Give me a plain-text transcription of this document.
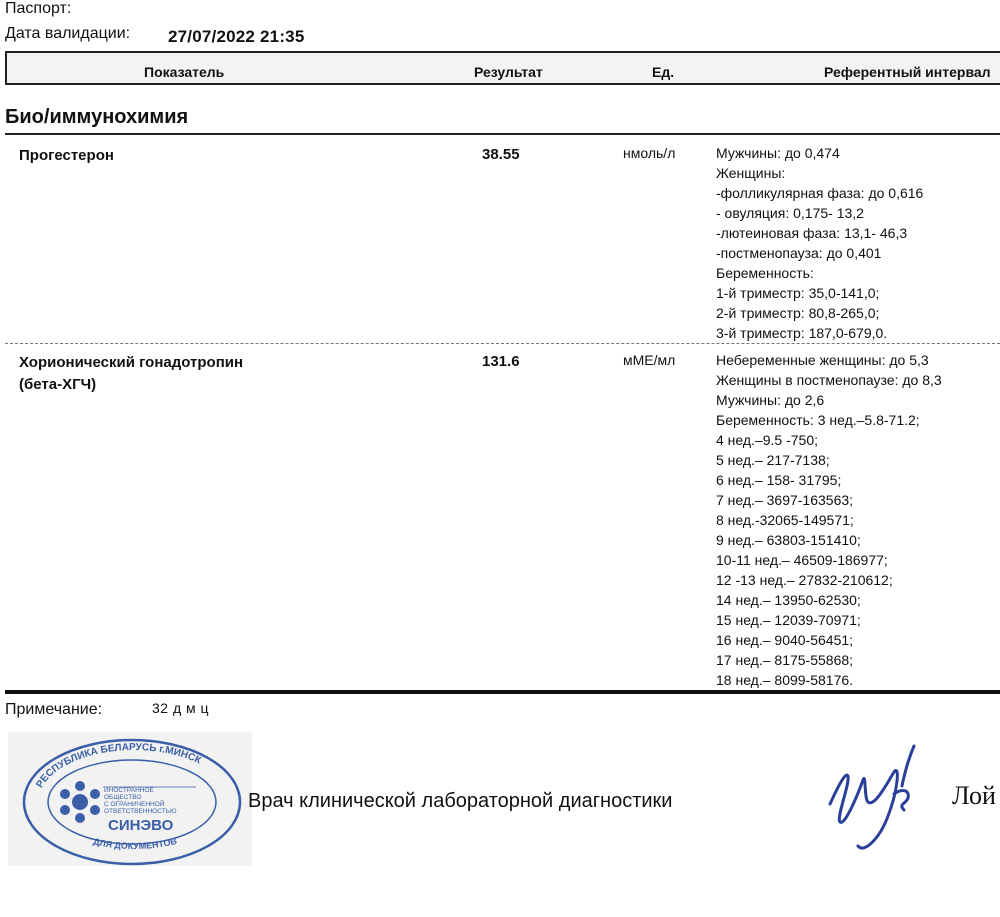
Паспорт:
Дата валидации: 27/07/2022 21:35
Показатель	Результат	Ед.	Референтный интервал
Био/иммунохимия
Прогестерон	38.55	нмоль/л	Мужчины: до 0,474
Женщины:
-фолликулярная фаза: до 0,616
- овуляция: 0,175- 13,2
-лютеиновая фаза: 13,1- 46,3
-постменопауза: до 0,401
Беременность:
1-й триместр: 35,0-141,0;
2-й триместр: 80,8-265,0;
3-й триместр: 187,0-679,0.
Хорионический гонадотропин
(бета-ХГЧ)
131.6	мМЕ/мл	Небеременные женщины: до 5,3
Женщины в постменопаузе: до 8,3
Мужчины: до 2,6
Беременность: 3 нед.–5.8-71.2;
4 нед.–9.5 -750;
5 нед.– 217-7138;
6 нед.– 158- 31795;
7 нед.– 3697-163563;
8 нед.-32065-149571;
9 нед.– 63803-151410;
10-11 нед.– 46509-186977;
12 -13 нед.– 27832-210612;
14 нед.– 13950-62530;
15 нед.– 12039-70971;
16 нед.– 9040-56451;
17 нед.– 8175-55868;
18 нед.– 8099-58176.
Примечание:	32 д м ц
РЕСПУБЛИКА БЕЛАРУСЬ г.МИНСК
ДЛЯ ДОКУМЕНТОВ
ИНОСТРАННОЕ
ОБЩЕСТВО
С ОГРАНИЧЕННОЙ
ОТВЕТСТВЕННОСТЬЮ
СИНЭВО
Врач клинической лабораторной диагностики	Лой
